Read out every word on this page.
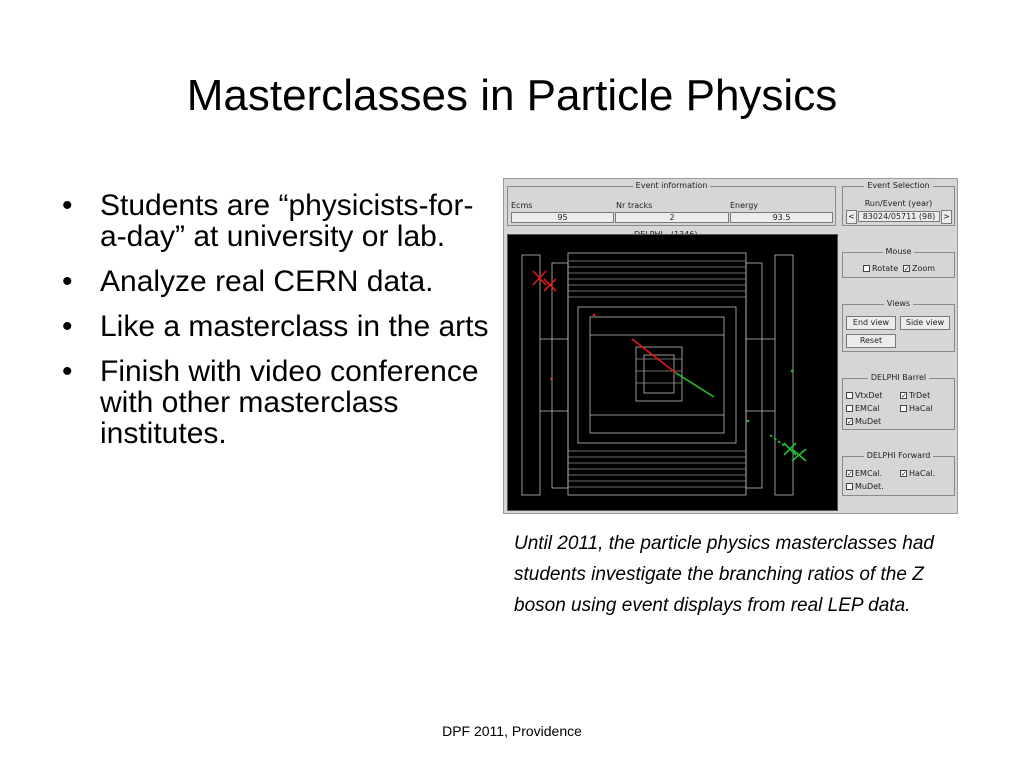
Masterclasses in Particle Physics
• Students are “physicists-for-a-day” at university or lab.
• Analyze real CERN data.
• Like a masterclass in the arts
• Finish with video conference with other masterclass institutes.
Event information
Ecms	Nr tracks	Energy
95	2	93.5
Event Selection
Run/Event (year)
< 83024/05711 (98) >
Mouse
Rotate ✓ Zoom
Views
End view	Side view
Reset
DELPHI Barrel
VtxDet	✓ TrDet
EMCal	HaCal
✓ MuDet
DELPHI Forward
✓ EMCal.	✓ HaCal.
MuDet.
Until 2011, the particle physics masterclasses had students investigate the branching ratios of the Z boson using event displays from real LEP data.
DPF 2011, Providence
